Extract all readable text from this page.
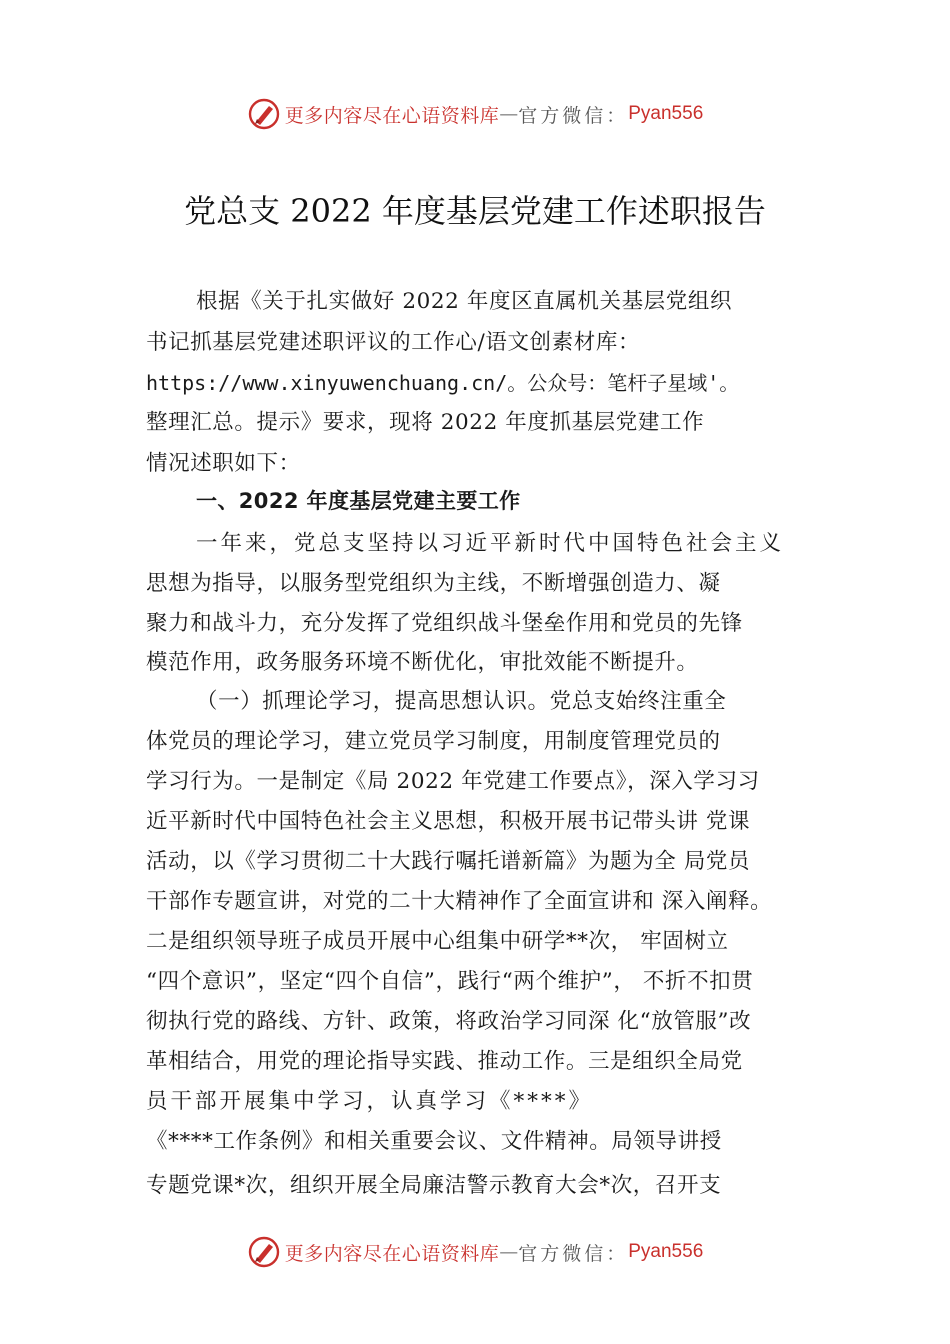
更多内容尽在心语资料库 — 官方微信： Pyan556
党总支 2022 年度基层党建工作述职报告
根据《关于扎实做好 2022 年度区直属机关基层党组织
书记抓基层党建述职评议的工作心/语文创素材库：
https://www.xinyuwenchuang.cn/。公众号：笔杆子星域'。
整理汇总。提示》要求，现将 2022 年度抓基层党建工作
情况述职如下：
一、2022 年度基层党建主要工作
一年来，党总支坚持以习近平新时代中国特色社会主义
思想为指导，以服务型党组织为主线，不断增强创造力、凝
聚力和战斗力，充分发挥了党组织战斗堡垒作用和党员的先锋
模范作用，政务服务环境不断优化，审批效能不断提升。
（一）抓理论学习，提高思想认识。党总支始终注重全
体党员的理论学习，建立党员学习制度，用制度管理党员的
学习行为。一是制定《局 2022 年党建工作要点》，深入学习习
近平新时代中国特色社会主义思想，积极开展书记带头讲 党课
活动，以《学习贯彻二十大践行嘱托谱新篇》为题为全 局党员
干部作专题宣讲，对党的二十大精神作了全面宣讲和 深入阐释。
二是组织领导班子成员开展中心组集中研学**次， 牢固树立
“四个意识”，坚定“四个自信”，践行“两个维护”， 不折不扣贯
彻执行党的路线、方针、政策，将政治学习同深 化“放管服”改
革相结合，用党的理论指导实践、推动工作。三是组织全局党
员干部开展集中学习，认真学习《****》
《****工作条例》和相关重要会议、文件精神。局领导讲授
专题党课*次，组织开展全局廉洁警示教育大会*次，召开支
更多内容尽在心语资料库 — 官方微信： Pyan556
